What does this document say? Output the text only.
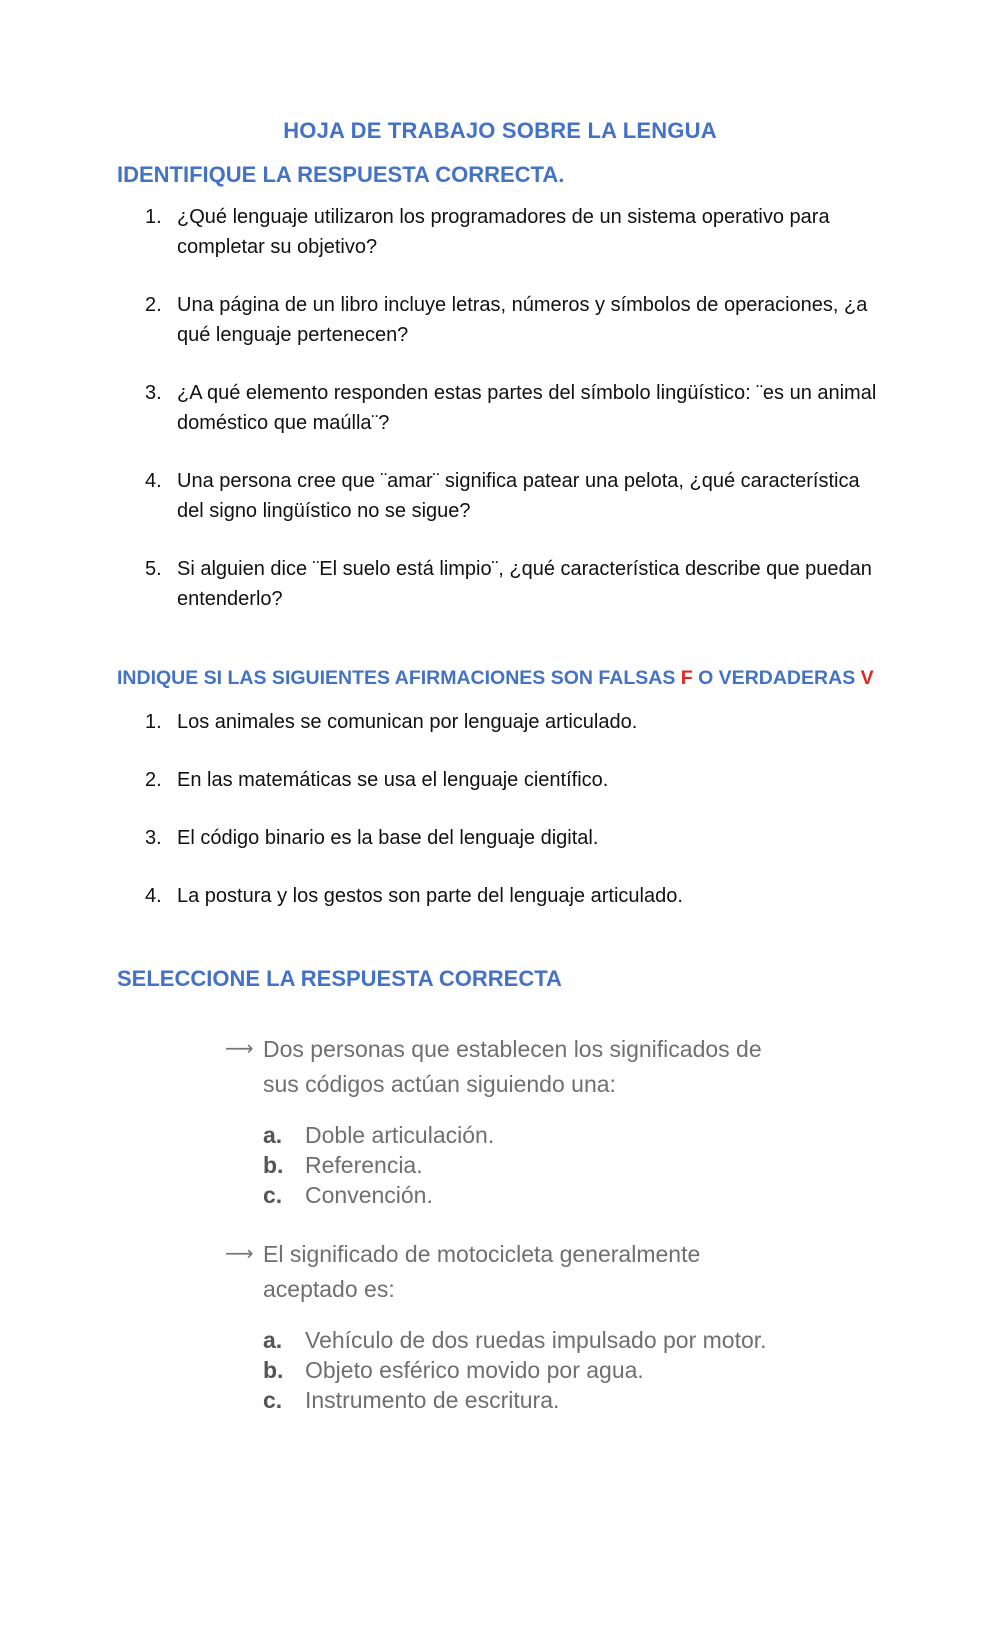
HOJA DE TRABAJO SOBRE LA LENGUA
IDENTIFIQUE LA RESPUESTA CORRECTA.
1. ¿Qué lenguaje utilizaron los programadores de un sistema operativo para completar su objetivo?
2. Una página de un libro incluye letras, números y símbolos de operaciones, ¿a qué lenguaje pertenecen?
3. ¿A qué elemento responden estas partes del símbolo lingüístico: ¨es un animal doméstico que maúlla¨?
4. Una persona cree que ¨amar¨ significa patear una pelota, ¿qué característica del signo lingüístico no se sigue?
5. Si alguien dice ¨El suelo está limpio¨, ¿qué característica describe que puedan entenderlo?
INDIQUE SI LAS SIGUIENTES AFIRMACIONES SON FALSAS F O VERDADERAS V
1. Los animales se comunican por lenguaje articulado.
2. En las matemáticas se usa el lenguaje científico.
3. El código binario es la base del lenguaje digital.
4. La postura y los gestos son parte del lenguaje articulado.
SELECCIONE LA RESPUESTA CORRECTA
⟶ Dos personas que establecen los significados de sus códigos actúan siguiendo una:
a. Doble articulación.
b. Referencia.
c. Convención.
⟶ El significado de motocicleta generalmente aceptado es:
a. Vehículo de dos ruedas impulsado por motor.
b. Objeto esférico movido por agua.
c. Instrumento de escritura.
